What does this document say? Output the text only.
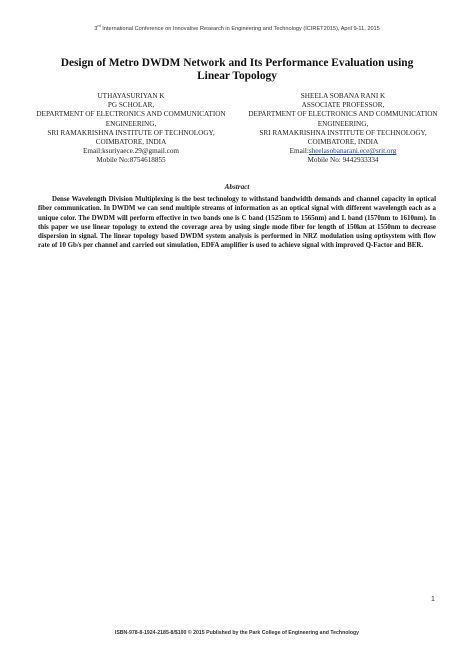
3rd International Conference on Innovative Research in Engineering and Technology (ICIRET2015), April 9-11, 2015
Design of Metro DWDM Network and Its Performance Evaluation using Linear Topology
UTHAYASURIYAN K
PG SCHOLAR,
DEPARTMENT OF ELECTRONICS AND COMMUNICATION ENGINEERING,
SRI RAMAKRISHNA INSTITUTE OF TECHNOLOGY,
COIMBATORE, INDIA
Email:ksuriyaece.29@gmail.com
Mobile No:8754618855
SHEELA SOBANA RANI K
ASSOCIATE PROFESSOR,
DEPARTMENT OF ELECTRONICS AND COMMUNICATION ENGINEERING,
SRI RAMAKRISHNA INSTITUTE OF TECHNOLOGY,
COIMBATORE, INDIA
Email:sheelasobanarani.ece@srit.org
Mobile No: 9442933334
Abstract
Dense Wavelength Division Multiplexing is the best technology to withstand bandwidth demands and channel capacity in optical fiber communication. In DWDM we can send multiple streams of information as an optical signal with different wavelength each as a unique color. The DWDM will perform effective in two bands one is C band (1525nm to 1565nm) and L band (1570nm to 1610nm). In this paper we use linear topology to extend the coverage area by using single mode fiber for length of 150km at 1550nm to decrease dispersion in signal. The linear topology based DWDM system analysis is performed in NRZ modulation using optisystem with flow rate of 10 Gb/s per channel and carried out simulation, EDFA amplifier is used to achieve signal with improved Q-Factor and BER.
1
ISBN-978-8-1924-2185-8/$100 © 2015 Published by the Park College of Engineering and Technology
